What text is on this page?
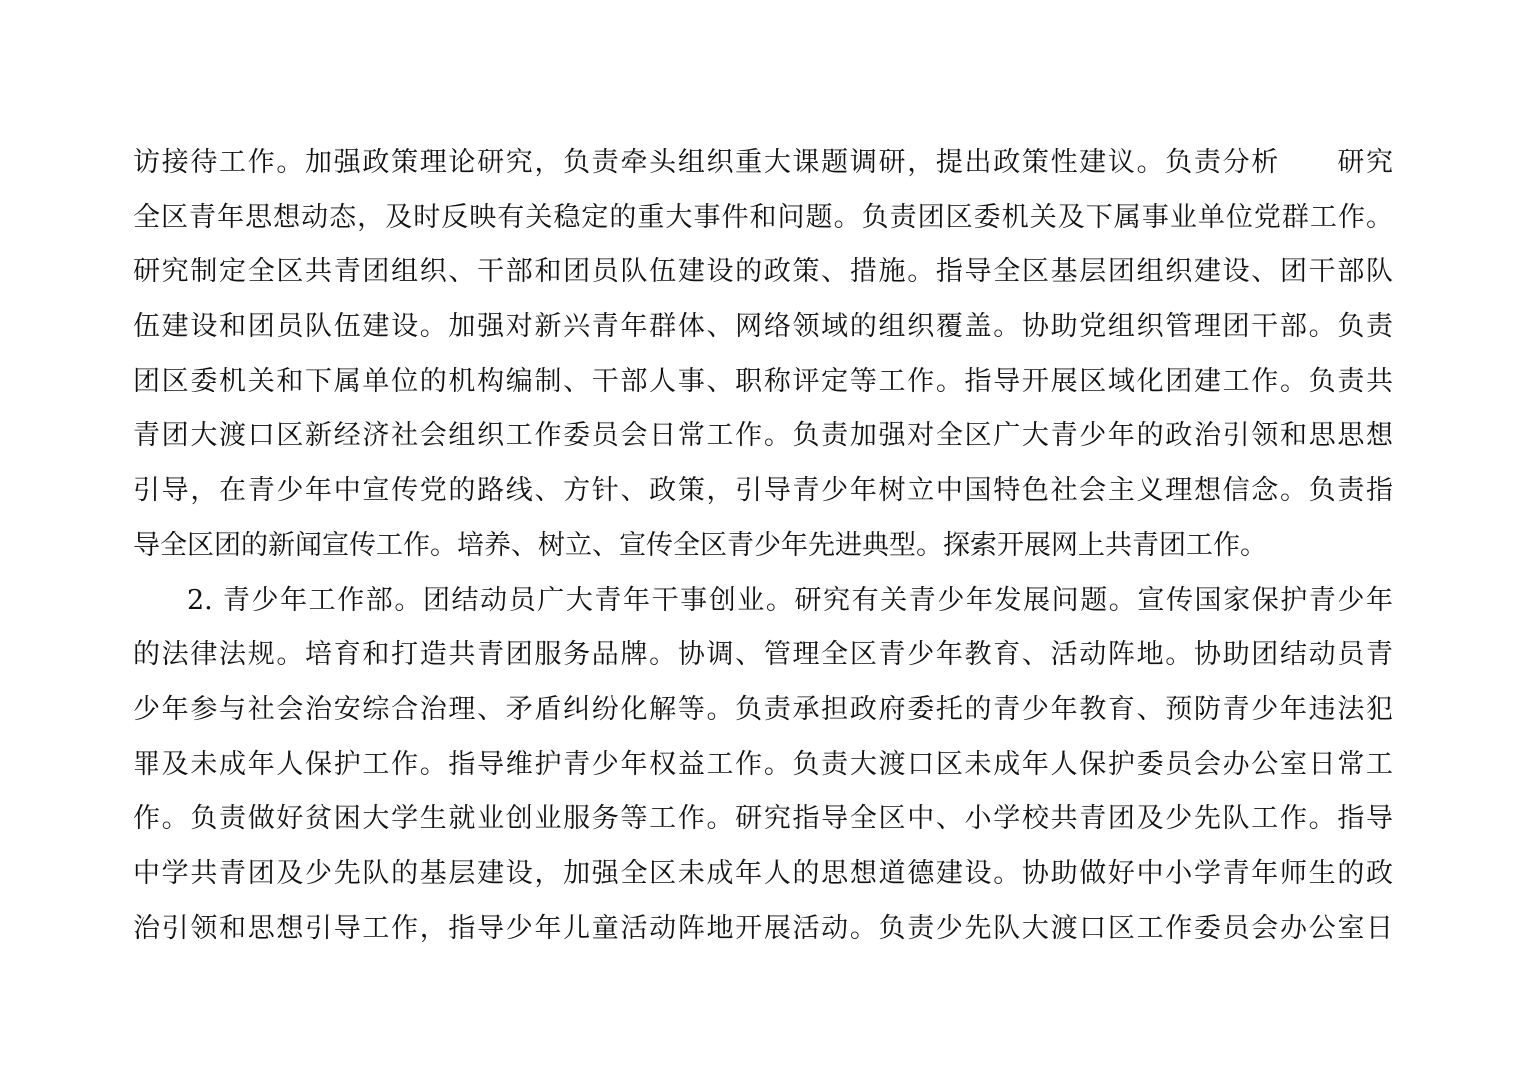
访接待工作。加强政策理论研究，负责牵头组织重大课题调研，提出政策性建议。负责分析　　研究
全区青年思想动态，及时反映有关稳定的重大事件和问题。负责团区委机关及下属事业单位党群工作。
研究制定全区共青团组织、干部和团员队伍建设的政策、措施。指导全区基层团组织建设、团干部队
伍建设和团员队伍建设。加强对新兴青年群体、网络领域的组织覆盖。协助党组织管理团干部。负责
团区委机关和下属单位的机构编制、干部人事、职称评定等工作。指导开展区域化团建工作。负责共
青团大渡口区新经济社会组织工作委员会日常工作。负责加强对全区广大青少年的政治引领和思思想
引导，在青少年中宣传党的路线、方针、政策，引导青少年树立中国特色社会主义理想信念。负责指
导全区团的新闻宣传工作。培养、树立、宣传全区青少年先进典型。探索开展网上共青团工作。
2. 青少年工作部。团结动员广大青年干事创业。研究有关青少年发展问题。宣传国家保护青少年
的法律法规。培育和打造共青团服务品牌。协调、管理全区青少年教育、活动阵地。协助团结动员青
少年参与社会治安综合治理、矛盾纠纷化解等。负责承担政府委托的青少年教育、预防青少年违法犯
罪及未成年人保护工作。指导维护青少年权益工作。负责大渡口区未成年人保护委员会办公室日常工
作。负责做好贫困大学生就业创业服务等工作。研究指导全区中、小学校共青团及少先队工作。指导
中学共青团及少先队的基层建设，加强全区未成年人的思想道德建设。协助做好中小学青年师生的政
治引领和思想引导工作，指导少年儿童活动阵地开展活动。负责少先队大渡口区工作委员会办公室日
